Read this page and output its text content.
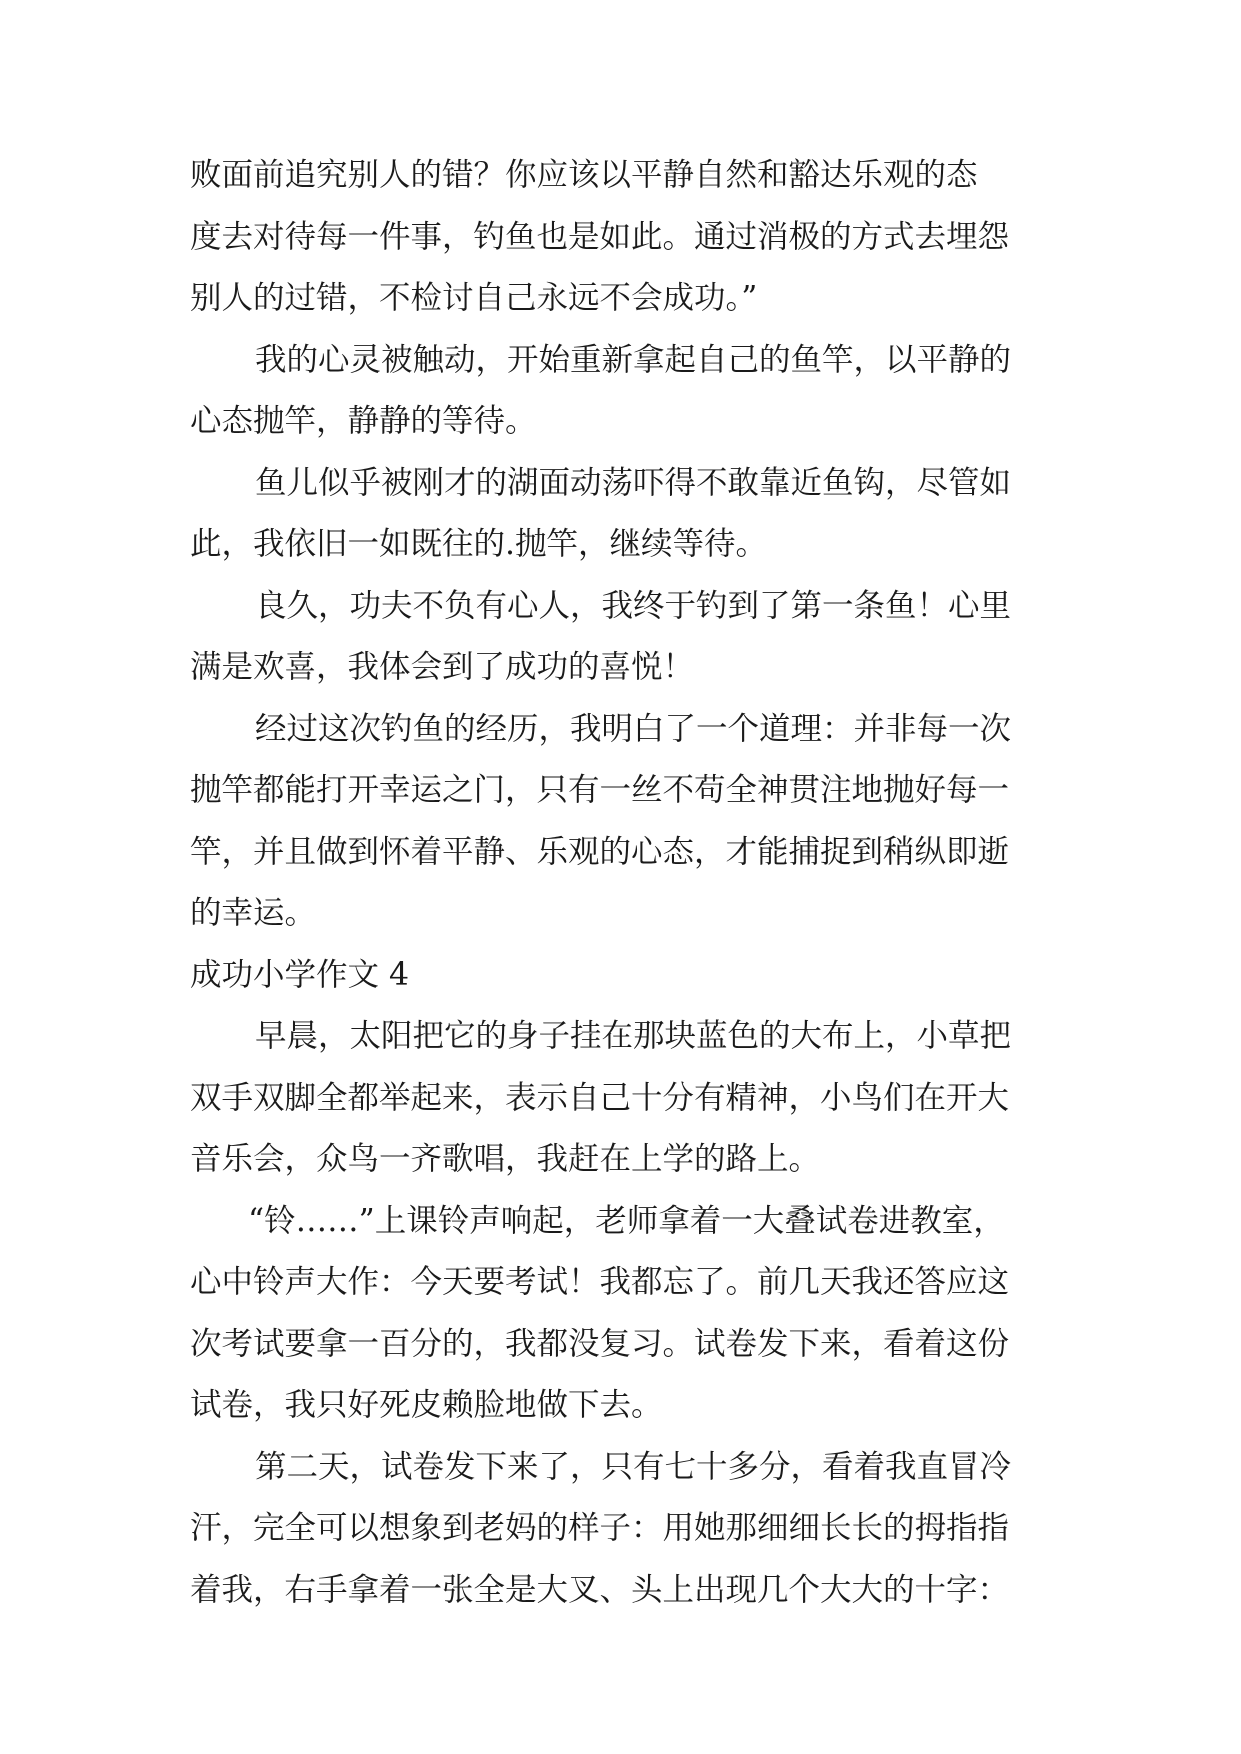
败面前追究别人的错？你应该以平静自然和豁达乐观的态
度去对待每一件事，钓鱼也是如此。通过消极的方式去埋怨
别人的过错，不检讨自己永远不会成功。”
我的心灵被触动，开始重新拿起自己的鱼竿，以平静的
心态抛竿，静静的等待。
鱼儿似乎被刚才的湖面动荡吓得不敢靠近鱼钩，尽管如
此，我依旧一如既往的.抛竿，继续等待。
良久，功夫不负有心人，我终于钓到了第一条鱼！心里
满是欢喜，我体会到了成功的喜悦！
经过这次钓鱼的经历，我明白了一个道理：并非每一次
抛竿都能打开幸运之门，只有一丝不苟全神贯注地抛好每一
竿，并且做到怀着平静、乐观的心态，才能捕捉到稍纵即逝
的幸运。
成功小学作文 4
早晨，太阳把它的身子挂在那块蓝色的大布上，小草把
双手双脚全都举起来，表示自己十分有精神，小鸟们在开大
音乐会，众鸟一齐歌唱，我赶在上学的路上。
“铃……”上课铃声响起，老师拿着一大叠试卷进教室，
心中铃声大作：今天要考试！我都忘了。前几天我还答应这
次考试要拿一百分的，我都没复习。试卷发下来，看着这份
试卷，我只好死皮赖脸地做下去。
第二天，试卷发下来了，只有七十多分，看着我直冒冷
汗，完全可以想象到老妈的样子：用她那细细长长的拇指指
着我，右手拿着一张全是大叉、头上出现几个大大的十字：
